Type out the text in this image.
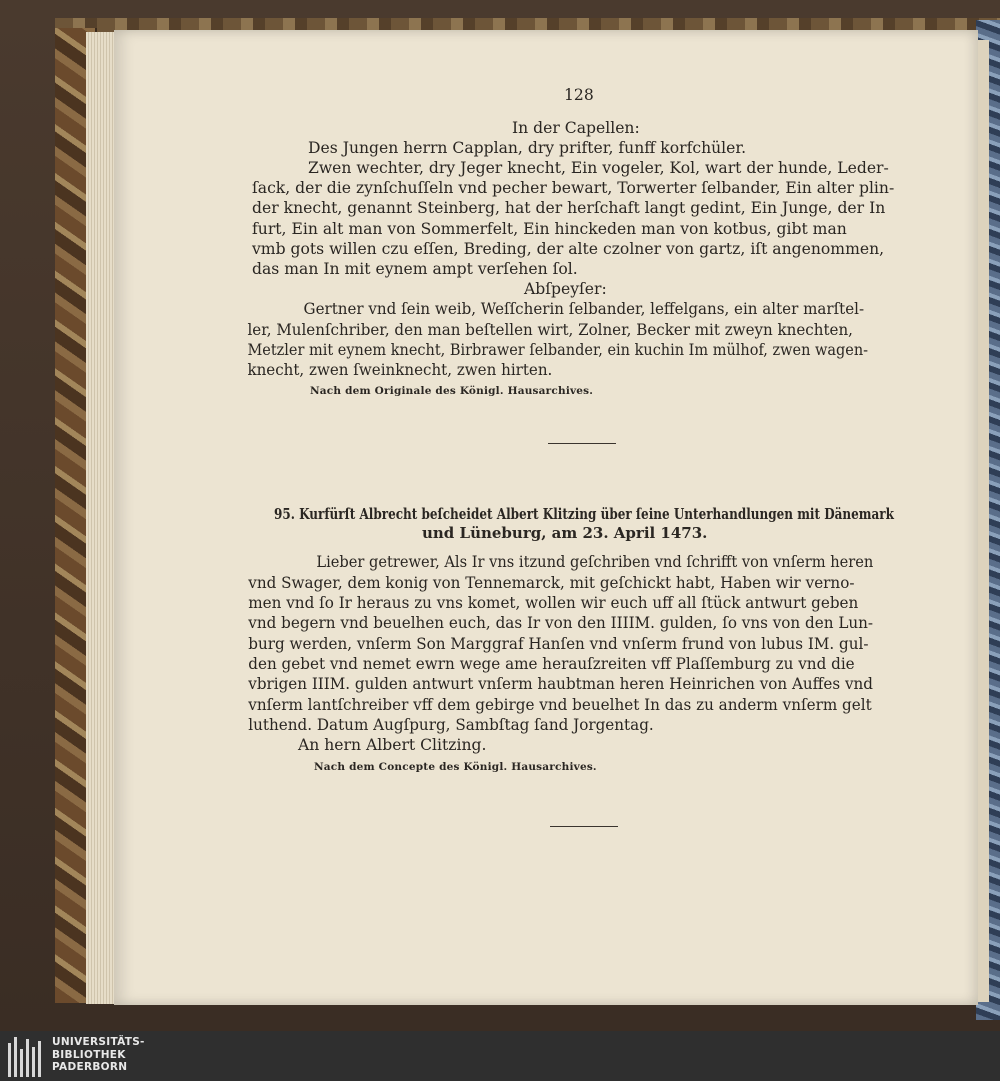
128
In der Capellen:
Des Jungen herrn Capplan, dry prifter, funff korfchüler.
Zwen wechter, dry Jeger knecht, Ein vogeler, Kol, wart der hunde, Leder-
ſack, der die zynſchuſſeln vnd pecher bewart, Torwerter ſelbander, Ein alter plin-
der knecht, genannt Steinberg, hat der herſchaft langt gedint, Ein Junge, der In
furt, Ein alt man von Sommerfelt, Ein hinckeden man von kotbus, gibt man
vmb gots willen czu eſſen, Breding, der alte czolner von gartz, iſt angenommen,
das man In mit eynem ampt verſehen ſol.
Abſpeyſer:
Gertner vnd ſein weib, Weſſcherin ſelbander, leffelgans, ein alter marſtel-
ler, Mulenſchriber, den man beſtellen wirt, Zolner, Becker mit zweyn knechten,
Metzler mit eynem knecht, Birbrawer ſelbander, ein kuchin Im mülhof, zwen wagen-
knecht, zwen ſweinknecht, zwen hirten.
Nach dem Originale des Königl. Hausarchives.
95. Kurfürſt Albrecht beſcheidet Albert Klitzing über ſeine Unterhandlungen mit Dänemark
und Lüneburg, am 23. April 1473.
Lieber getrewer, Als Ir vns itzund geſchriben vnd ſchrifft von vnſerm heren
vnd Swager, dem konig von Tennemarck, mit geſchickt habt, Haben wir verno-
men vnd ſo Ir heraus zu vns komet, wollen wir euch uff all ſtück antwurt geben
vnd begern vnd beuelhen euch, das Ir von den IIIIM. gulden, ſo vns von den Lun-
burg werden, vnſerm Son Marggraf Hanſen vnd vnſerm frund von lubus IM. gul-
den gebet vnd nemet ewrn wege ame herauſzreiten vff Plaſſemburg zu vnd die
vbrigen IIIM. gulden antwurt vnſerm haubtman heren Heinrichen von Auffes vnd
vnſerm lantſchreiber vff dem gebirge vnd beuelhet In das zu anderm vnſerm gelt
luthend. Datum Augſpurg, Sambſtag ſand Jorgentag.
An hern Albert Clitzing.
Nach dem Concepte des Königl. Hausarchives.
UNIVERSITÄTS-
BIBLIOTHEK
PADERBORN
